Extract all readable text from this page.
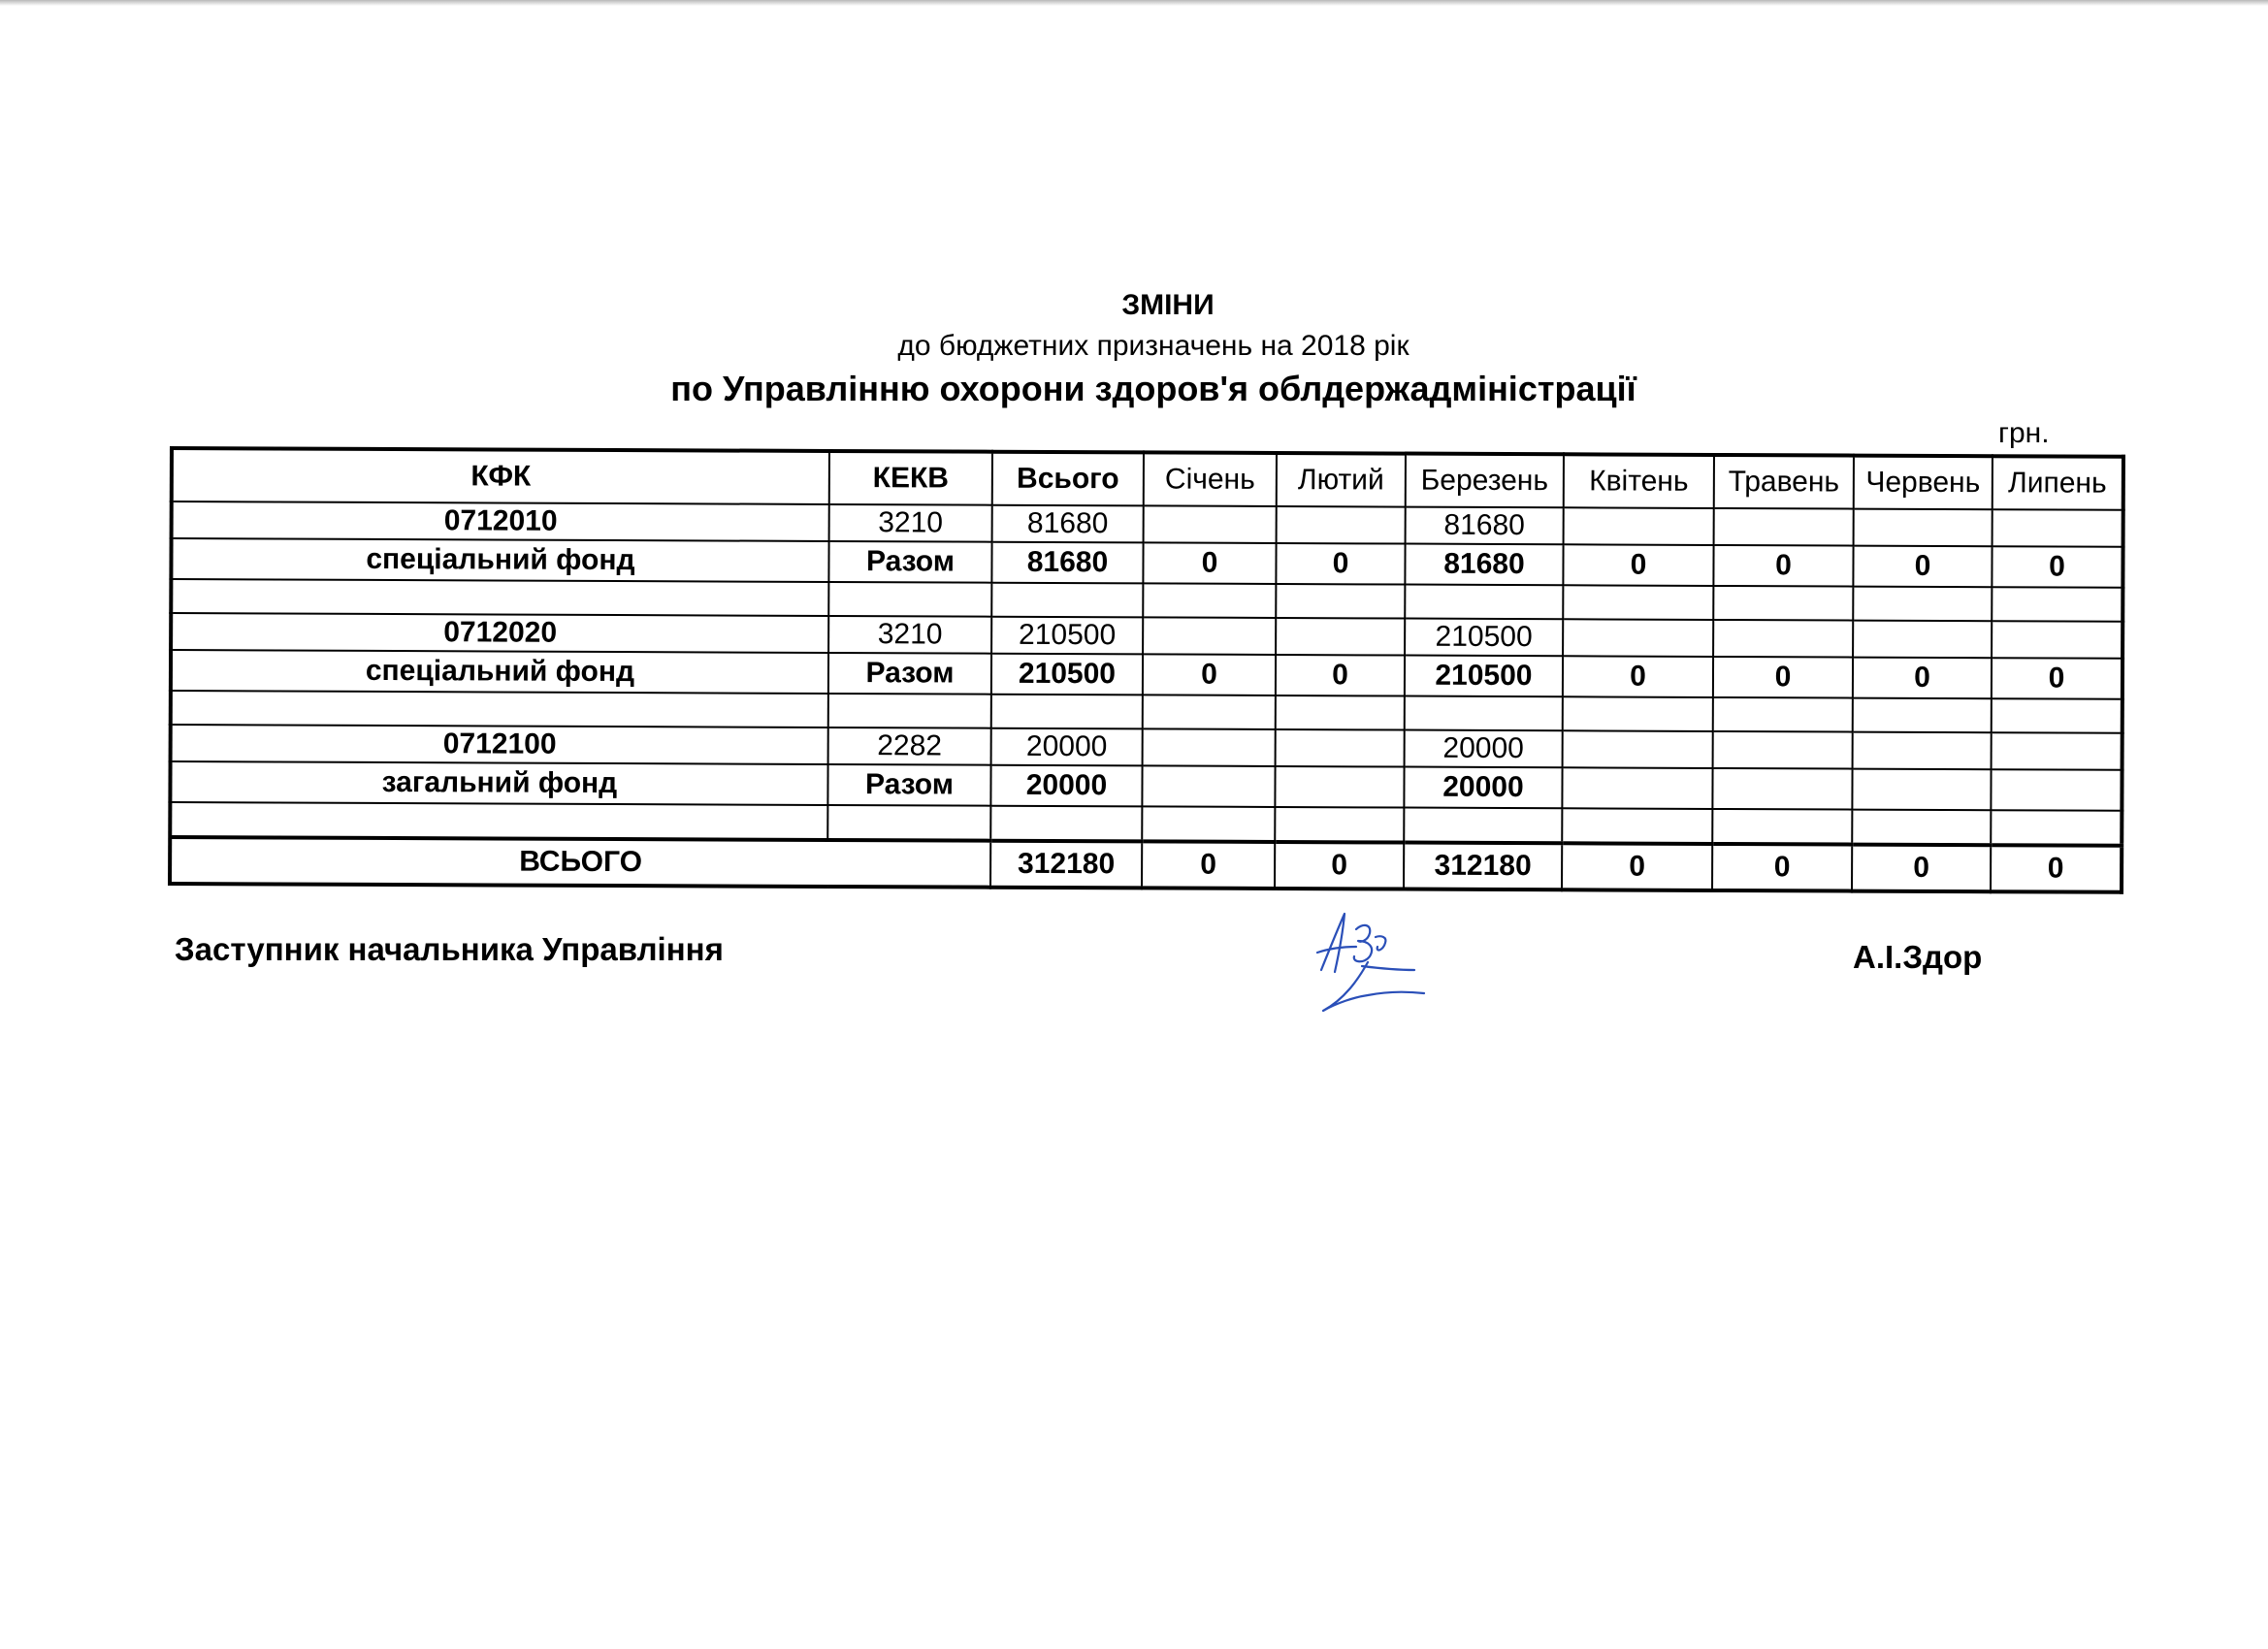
ЗМІНИ
до бюджетних призначень на 2018 рік
по Управлінню охорони здоров'я облдержадміністрації
грн.
КФК	КЕКВ	Всього	Січень	Лютий	Березень	Квітень	Травень	Червень	Липень
0712010	3210	81680			81680				
спеціальний фонд	Разом	81680	0	0	81680	0	0	0	0

0712020	3210	210500			210500				
спеціальний фонд	Разом	210500	0	0	210500	0	0	0	0

0712100	2282	20000			20000				
загальний фонд	Разом	20000			20000				

ВСЬОГО		312180	0	0	312180	0	0	0	0
Заступник начальника Управління	А.І.Здор
